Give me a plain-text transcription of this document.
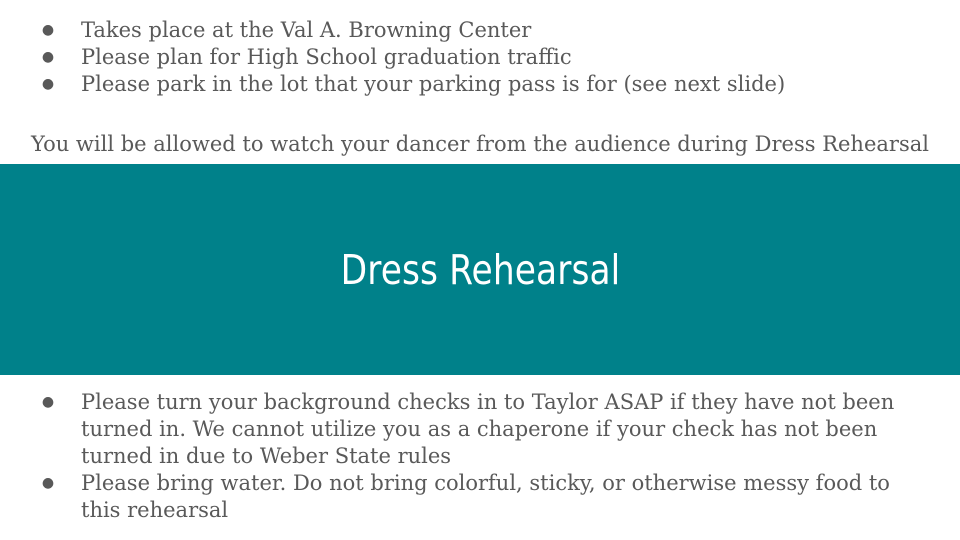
● Takes place at the Val A. Browning Center
● Please plan for High School graduation traffic
● Please park in the lot that your parking pass is for (see next slide)
You will be allowed to watch your dancer from the audience during Dress Rehearsal
Dress Rehearsal
● Please turn your background checks in to Taylor ASAP if they have not been turned in. We cannot utilize you as a chaperone if your check has not been turned in due to Weber State rules
● Please bring water. Do not bring colorful, sticky, or otherwise messy food to this rehearsal
